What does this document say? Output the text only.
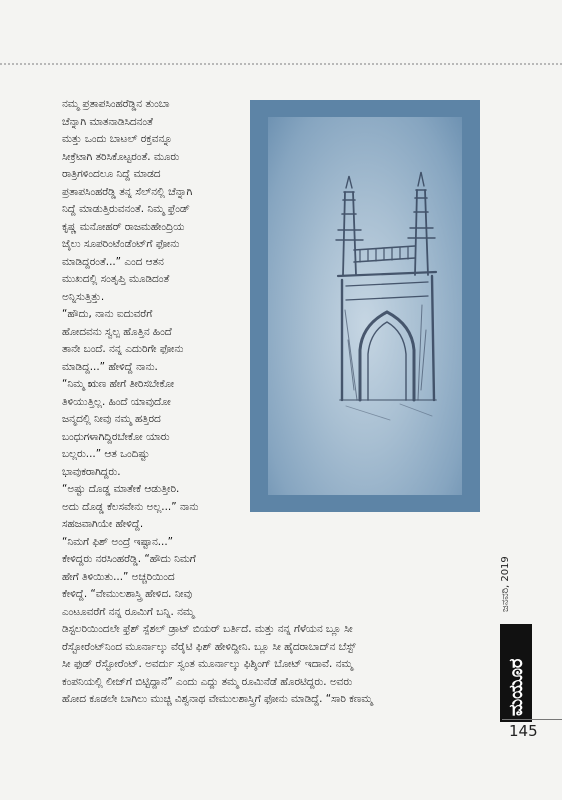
ನಮ್ಮ ಪ್ರತಾಪಸಿಂಹರೆಡ್ಡಿನ ತುಂಬಾ

ಚೆನ್ನಾಗಿ ಮಾತನಾಡಿಸಿದನಂತೆ

ಮತ್ತು ಒಂದು ಬಾಟಲ್ ರಕ್ತವನ್ನೂ

ಸೀಕ್ರೆಟಾಗಿ ತರಿಸಿಕೊಟ್ಟರಂತೆ. ಮೂರು

ರಾತ್ರಿಗಳಿಂದಲೂ ನಿದ್ದೆ ಮಾಡದ

ಪ್ರತಾಪಸಿಂಹರೆಡ್ಡಿ ತನ್ನ ಸೆಲ್‌ನಲ್ಲಿ ಚೆನ್ನಾಗಿ

ನಿದ್ದೆ ಮಾಡುತ್ತಿರುವನಂತೆ. ನಿಮ್ಮ ಫ್ರೆಂಡ್

ಕೃಷ್ಣ ಮನೋಹರ್ ರಾಜಮಹೇಂದ್ರಿಯ

ಜೈಲು ಸೂಪರಿಂಟೆಂಡೆಂಟ್‌ಗೆ ಫೋನು

ಮಾಡಿದ್ದರಂತೆ...” ಎಂದ ಆತನ

ಮುಖದಲ್ಲಿ ಸಂತೃಪ್ತಿ ಮೂಡಿದಂತೆ

ಅನ್ನಿಸುತ್ತಿತ್ತು.

“ಹೌದು, ನಾನು ಐದುವರೆಗೆ

ಹೋದವನು ಸ್ವಲ್ಪ ಹೊತ್ತಿನ ಹಿಂದೆ

ತಾನೇ ಬಂದೆ. ನನ್ನ ಎದುರಿಗೇ ಫೋನು

ಮಾಡಿದ್ದ...” ಹೇಳಿದ್ದೆ ನಾನು.

“ನಿಮ್ಮ ಋಣ ಹೇಗೆ ತೀರಿಸಬೇಕೋ

ತಿಳಿಯುತ್ತಿಲ್ಲ. ಹಿಂದೆ ಯಾವುದೋ

ಜನ್ಮದಲ್ಲಿ ನೀವು ನಮ್ಮ ಹತ್ತಿರದ

ಬಂಧುಗಳಾಗಿದ್ದಿರಬೇಕೋ ಯಾರು

ಬಲ್ಲರು...” ಆತ ಒಂದಿಷ್ಟು

ಭಾವುಕರಾಗಿದ್ದರು.

“ಅಷ್ಟು ದೊಡ್ಡ ಮಾತೇಕೆ ಆಡುತ್ತೀರಿ.

ಅದು ದೊಡ್ಡ ಕೆಲಸವೇನು ಅಲ್ಲ...” ನಾನು

ಸಹಜವಾಗಿಯೇ ಹೇಳಿದ್ದೆ.

“ನಿಮಗೆ ಫಿಶ್ ಅಂದ್ರೆ ಇಷ್ಟಾನ...”

ಕೇಳಿದ್ದರು ನರಸಿಂಹರೆಡ್ಡಿ. “ಹೌದು ನಿಮಗೆ

ಹೇಗೆ ತಿಳಿಯಿತು...” ಅಚ್ಚರಿಯಿಂದ

ಕೇಳಿದ್ದೆ. “ವೇಮುಲಶಾಸ್ತ್ರಿ ಹೇಳಿದ. ನೀವು

ಎಂಟೂವರೆಗೆ ನನ್ನ ರೂಮಿಗೆ ಬನ್ನಿ. ನಮ್ಮ

ಡಿಸ್ಟಲರಿಯಿಂದಲೇ ಫ್ರೆಶ್ ಸ್ಪೆಶಲ್ ಡ್ರಾಟ್ ಬಿಯರ್ ಬರ್ತಿದೆ. ಮತ್ತು ನನ್ನ ಗೆಳೆಯನ ಬ್ಲೂ ಸೀ

ರೆಸ್ಟೋರೆಂಟ್‌ನಿಂದ ಮೂರ್ನಾಲ್ಕು ವೆರೈಟಿ ಫಿಶ್ ಹೇಳಿದ್ದೀನಿ. ಬ್ಲೂ ಸೀ ಹೈದರಾಬಾದ್‌ನ ಬೆಸ್ಟ್

ಸೀ ಫುಡ್ ರೆಸ್ಟೋರೆಂಟ್. ಅವರ್ದು ಸ್ವಂತ ಮೂರ್ನಾಲ್ಕು ಫಿಶ್ಶಿಂಗ್ ಬೋಟ್ ಇದಾವೆ. ನಮ್ಮ

ಕಂಪನಿಯಲ್ಲಿ ಲೀಜ್‌ಗೆ ಬಿಟ್ಟಿದ್ದಾನೆ” ಎಂದು ಎದ್ದು ತಮ್ಮ ರೂಮಿನೆಡೆ ಹೊರಟಿದ್ದರು. ಅವರು

ಹೋದ ಕೂಡಲೇ ಬಾಗಿಲು ಮುಚ್ಚಿ ವಿಶ್ವನಾಥ ವೇಮುಲಶಾಸ್ತ್ರಿಗೆ ಫೋನು ಮಾಡಿದ್ದೆ. “ಸಾರಿ ಕಣಮ್ಮ

ಜನವರಿ, 2019
ಮಯೂರ
145
